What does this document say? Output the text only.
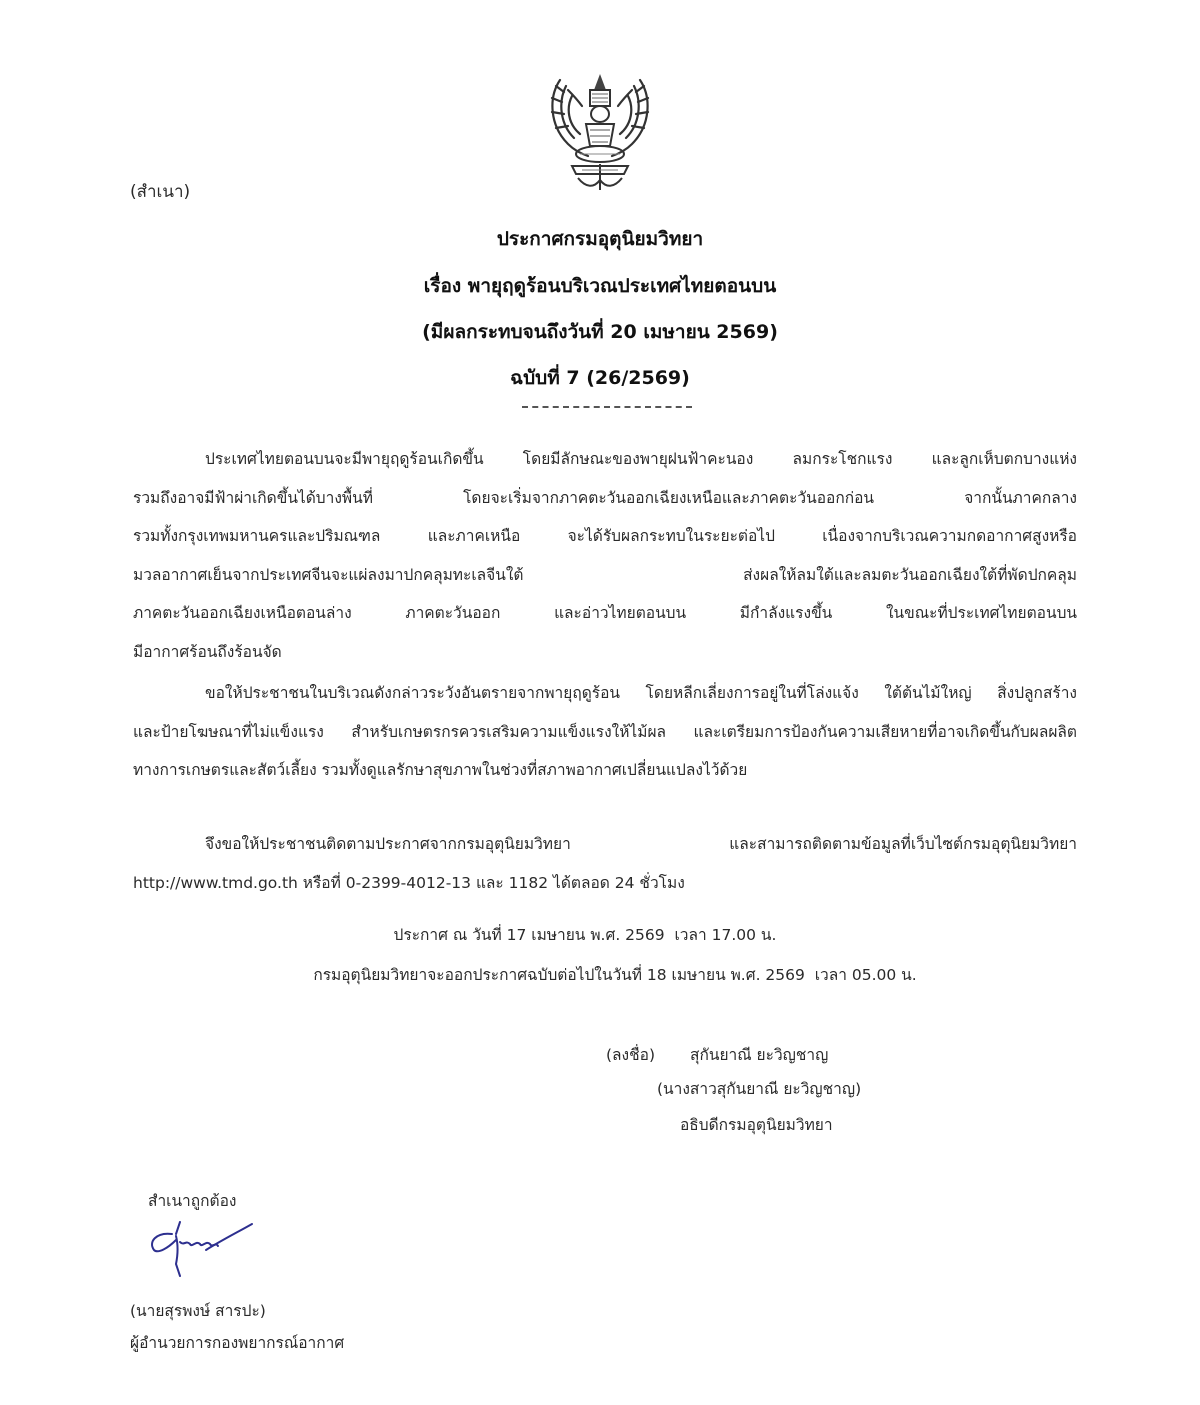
(สำเนา)
ประกาศกรมอุตุนิยมวิทยา
เรื่อง พายุฤดูร้อนบริเวณประเทศไทยตอนบน
(มีผลกระทบจนถึงวันที่ 20 เมษายน 2569)
ฉบับที่ 7 (26/2569)
ประเทศไทยตอนบนจะมีพายุฤดูร้อนเกิดขึ้น โดยมีลักษณะของพายุฝนฟ้าคะนอง ลมกระโชกแรง และลูกเห็บตกบางแห่ง
รวมถึงอาจมีฟ้าผ่าเกิดขึ้นได้บางพื้นที่ โดยจะเริ่มจากภาคตะวันออกเฉียงเหนือและภาคตะวันออกก่อน จากนั้นภาคกลาง
รวมทั้งกรุงเทพมหานครและปริมณฑล และภาคเหนือ จะได้รับผลกระทบในระยะต่อไป เนื่องจากบริเวณความกดอากาศสูงหรือ
มวลอากาศเย็นจากประเทศจีนจะแผ่ลงมาปกคลุมทะเลจีนใต้ ส่งผลให้ลมใต้และลมตะวันออกเฉียงใต้ที่พัดปกคลุม
ภาคตะวันออกเฉียงเหนือตอนล่าง ภาคตะวันออก และอ่าวไทยตอนบน มีกำลังแรงขึ้น ในขณะที่ประเทศไทยตอนบน
มีอากาศร้อนถึงร้อนจัด
ขอให้ประชาชนในบริเวณดังกล่าวระวังอันตรายจากพายุฤดูร้อน โดยหลีกเลี่ยงการอยู่ในที่โล่งแจ้ง ใต้ต้นไม้ใหญ่ สิ่งปลูกสร้าง
และป้ายโฆษณาที่ไม่แข็งแรง สำหรับเกษตรกรควรเสริมความแข็งแรงให้ไม้ผล และเตรียมการป้องกันความเสียหายที่อาจเกิดขึ้นกับผลผลิต
ทางการเกษตรและสัตว์เลี้ยง รวมทั้งดูแลรักษาสุขภาพในช่วงที่สภาพอากาศเปลี่ยนแปลงไว้ด้วย
จึงขอให้ประชาชนติดตามประกาศจากกรมอุตุนิยมวิทยา และสามารถติดตามข้อมูลที่เว็บไซต์กรมอุตุนิยมวิทยา
http://www.tmd.go.th หรือที่ 0-2399-4012-13 และ 1182 ได้ตลอด 24 ชั่วโมง
ประกาศ ณ วันที่ 17 เมษายน พ.ศ. 2569  เวลา 17.00 น.
กรมอุตุนิยมวิทยาจะออกประกาศฉบับต่อไปในวันที่ 18 เมษายน พ.ศ. 2569  เวลา 05.00 น.
(ลงชื่อ) สุกันยาณี ยะวิญชาญ
(นางสาวสุกันยาณี ยะวิญชาญ)
อธิบดีกรมอุตุนิยมวิทยา
สำเนาถูกต้อง
(นายสุรพงษ์ สารปะ)
ผู้อำนวยการกองพยากรณ์อากาศ
